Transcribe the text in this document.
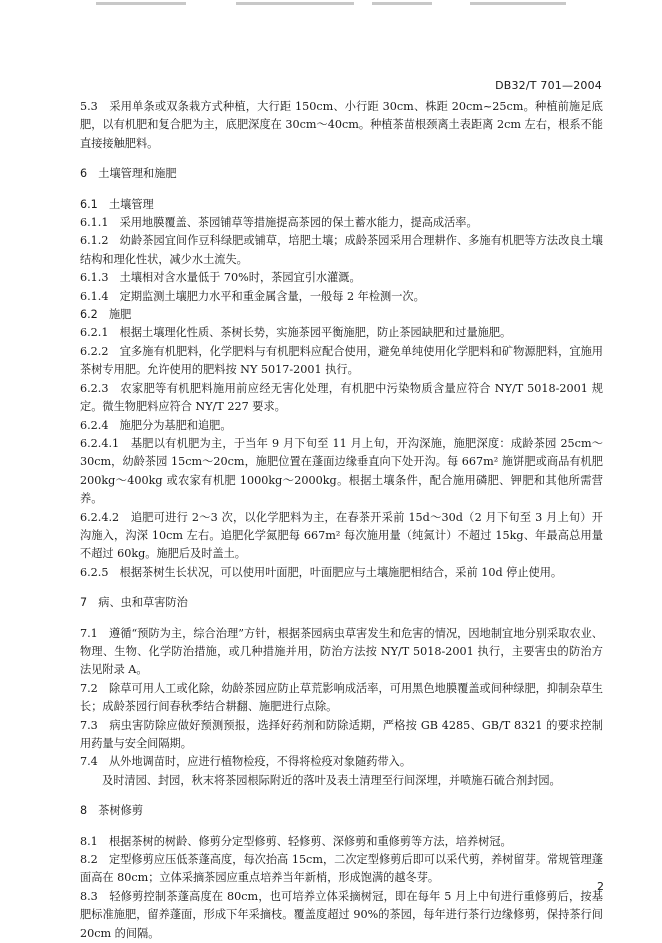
DB32/T 701—2004

5.3　采用单条或双条栽方式种植，大行距 150cm、小行距 30cm、株距 20cm~25cm。种植前施足底肥，以有机肥和复合肥为主，底肥深度在 30cm～40cm。种植茶苗根颈离土表距离 2cm 左右，根系不能直接接触肥料。

6　土壤管理和施肥

6.1　土壤管理

6.1.1　采用地膜覆盖、茶园铺草等措施提高茶园的保土蓄水能力，提高成活率。

6.1.2　幼龄茶园宜间作豆科绿肥或铺草，培肥土壤；成龄茶园采用合理耕作、多施有机肥等方法改良土壤结构和理化性状，减少水土流失。

6.1.3　土壤相对含水量低于 70%时，茶园宜引水灌溉。

6.1.4　定期监测土壤肥力水平和重金属含量，一般每 2 年检测一次。

6.2　施肥

6.2.1　根据土壤理化性质、茶树长势，实施茶园平衡施肥，防止茶园缺肥和过量施肥。

6.2.2　宜多施有机肥料，化学肥料与有机肥料应配合使用，避免单纯使用化学肥料和矿物源肥料，宜施用茶树专用肥。允许使用的肥料按 NY 5017-2001 执行。

6.2.3　农家肥等有机肥料施用前应经无害化处理，有机肥中污染物质含量应符合 NY/T 5018-2001 规定。微生物肥料应符合 NY/T 227 要求。

6.2.4　施肥分为基肥和追肥。

6.2.4.1　基肥以有机肥为主，于当年 9 月下旬至 11 月上旬，开沟深施，施肥深度：成龄茶园 25cm～30cm，幼龄茶园 15cm～20cm，施肥位置在蓬面边缘垂直向下处开沟。每 667m² 施饼肥或商品有机肥 200kg～400kg 或农家有机肥 1000kg～2000kg。根据土壤条件，配合施用磷肥、钾肥和其他所需营养。

6.2.4.2　追肥可进行 2～3 次，以化学肥料为主，在春茶开采前 15d～30d（2 月下旬至 3 月上旬）开沟施入，沟深 10cm 左右。追肥化学氮肥每 667m² 每次施用量（纯氮计）不超过 15kg、年最高总用量不超过 60kg。施肥后及时盖土。

6.2.5　根据茶树生长状况，可以使用叶面肥，叶面肥应与土壤施肥相结合，采前 10d 停止使用。

7　病、虫和草害防治

7.1　遵循“预防为主，综合治理”方针，根据茶园病虫草害发生和危害的情况，因地制宜地分别采取农业、物理、生物、化学防治措施，或几种措施并用，防治方法按 NY/T 5018-2001 执行，主要害虫的防治方法见附录 A。

7.2　除草可用人工或化除，幼龄茶园应防止草荒影响成活率，可用黑色地膜覆盖或间种绿肥，抑制杂草生长；成龄茶园行间春秋季结合耕翻、施肥进行点除。

7.3　病虫害防除应做好预测预报，选择好药剂和防除适期，严格按 GB 4285、GB/T 8321 的要求控制用药量与安全间隔期。

7.4　从外地调苗时，应进行植物检疫，不得将检疫对象随药带入。

及时清园、封园，秋末将茶园根际附近的落叶及表土清理至行间深埋，并喷施石硫合剂封园。

8　茶树修剪

8.1　根据茶树的树龄、修剪分定型修剪、轻修剪、深修剪和重修剪等方法，培养树冠。

8.2　定型修剪应压低茶蓬高度，每次抬高 15cm，二次定型修剪后即可以采代剪，养树留芽。常规管理蓬面高在 80cm；立体采摘茶园应重点培养当年新梢，形成饱满的越冬芽。

8.3　轻修剪控制茶蓬高度在 80cm，也可培养立体采摘树冠，即在每年 5 月上中旬进行重修剪后，按基肥标准施肥，留养蓬面，形成下年采摘枝。覆盖度超过 90%的茶园，每年进行茶行边缘修剪，保持茶行间 20cm 的间隔。

2
